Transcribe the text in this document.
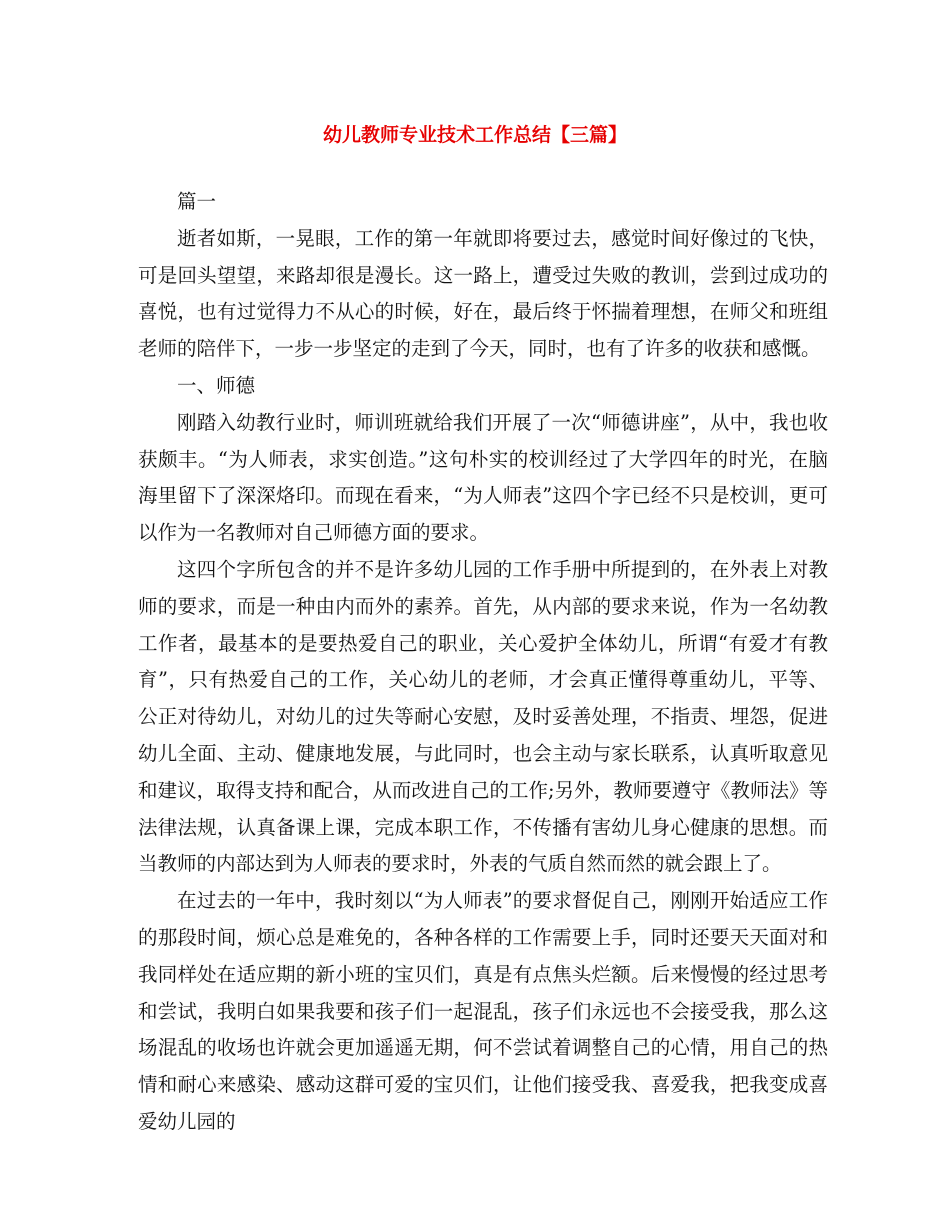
幼儿教师专业技术工作总结【三篇】

篇一

逝者如斯，一晃眼，工作的第一年就即将要过去，感觉时间好像过的飞快，可是回头望望，来路却很是漫长。这一路上，遭受过失败的教训，尝到过成功的喜悦，也有过觉得力不从心的时候，好在，最后终于怀揣着理想，在师父和班组老师的陪伴下，一步一步坚定的走到了今天，同时，也有了许多的收获和感慨。

一、师德

刚踏入幼教行业时，师训班就给我们开展了一次“师德讲座”，从中，我也收获颇丰。“为人师表，求实创造。”这句朴实的校训经过了大学四年的时光，在脑海里留下了深深烙印。而现在看来，“为人师表”这四个字已经不只是校训，更可以作为一名教师对自己师德方面的要求。

这四个字所包含的并不是许多幼儿园的工作手册中所提到的，在外表上对教师的要求，而是一种由内而外的素养。首先，从内部的要求来说，作为一名幼教工作者，最基本的是要热爱自己的职业，关心爱护全体幼儿，所谓“有爱才有教育”，只有热爱自己的工作，关心幼儿的老师，才会真正懂得尊重幼儿，平等、公正对待幼儿，对幼儿的过失等耐心安慰，及时妥善处理，不指责、埋怨，促进幼儿全面、主动、健康地发展，与此同时，也会主动与家长联系，认真听取意见和建议，取得支持和配合，从而改进自己的工作;另外，教师要遵守《教师法》等法律法规，认真备课上课，完成本职工作，不传播有害幼儿身心健康的思想。而当教师的内部达到为人师表的要求时，外表的气质自然而然的就会跟上了。

在过去的一年中，我时刻以“为人师表”的要求督促自己，刚刚开始适应工作的那段时间，烦心总是难免的，各种各样的工作需要上手，同时还要天天面对和我同样处在适应期的新小班的宝贝们，真是有点焦头烂额。后来慢慢的经过思考和尝试，我明白如果我要和孩子们一起混乱，孩子们永远也不会接受我，那么这场混乱的收场也许就会更加遥遥无期，何不尝试着调整自己的心情，用自己的热情和耐心来感染、感动这群可爱的宝贝们，让他们接受我、喜爱我，把我变成喜爱幼儿园的
